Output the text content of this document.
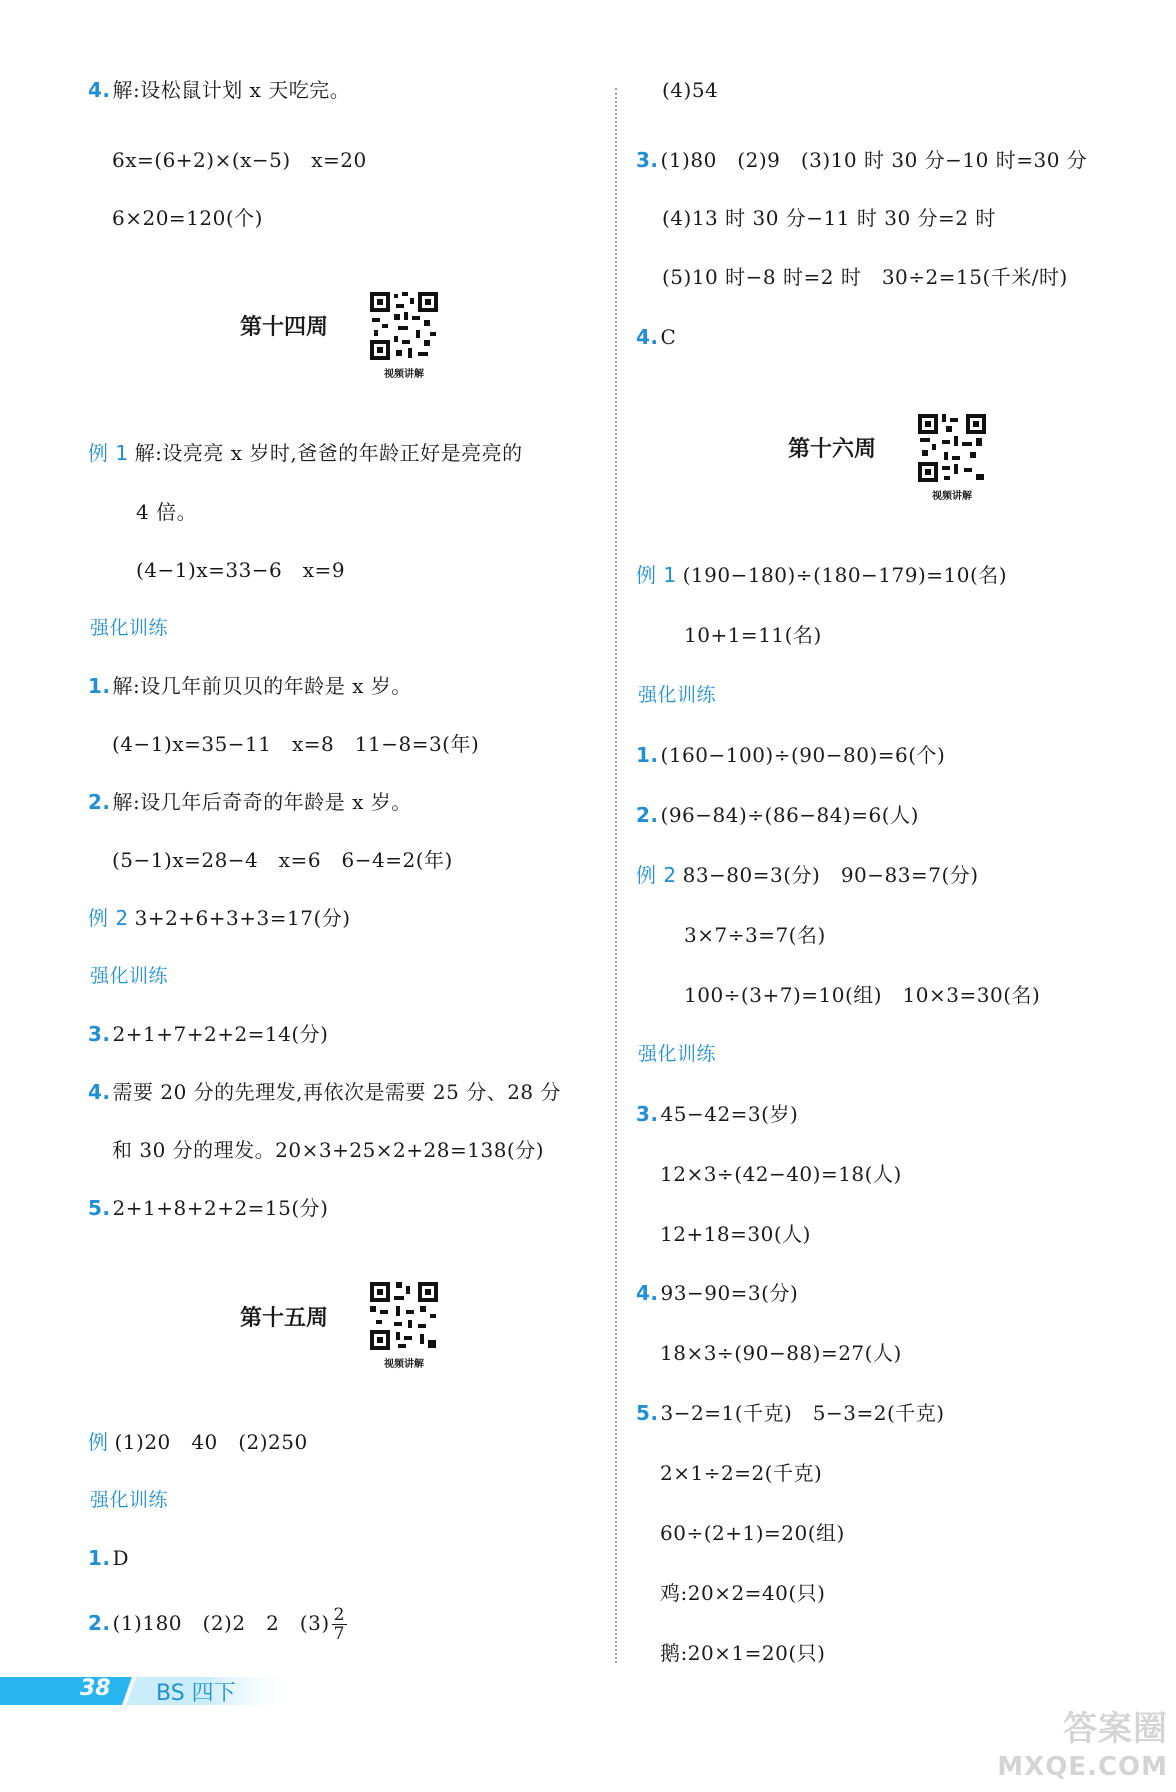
4. 解:设松鼠计划 x 天吃完。
6x=(6+2)×(x−5)　x=20
6×20=120(个)
第十四周
视频讲解
例 1 解:设亮亮 x 岁时,爸爸的年龄正好是亮亮的
4 倍。
(4−1)x=33−6　x=9
强化训练
1. 解:设几年前贝贝的年龄是 x 岁。
(4−1)x=35−11　x=8　11−8=3(年)
2. 解:设几年后奇奇的年龄是 x 岁。
(5−1)x=28−4　x=6　6−4=2(年)
例 2 3+2+6+3+3=17(分)
强化训练
3. 2+1+7+2+2=14(分)
4. 需要 20 分的先理发,再依次是需要 25 分、28 分
和 30 分的理发。20×3+25×2+28=138(分)
5. 2+1+8+2+2=15(分)
第十五周
视频讲解
例 (1)20　40　(2)250
强化训练
1. D
2. (1)180　(2)2　2　$(3) \frac{2}{7}$
(4)54
3. (1)80　(2)9　(3)10 时 30 分−10 时=30 分
(4)13 时 30 分−11 时 30 分=2 时
(5)10 时−8 时=2 时　30÷2=15(千米/时)
4. C
第十六周
视频讲解
例 1 (190−180)÷(180−179)=10(名)
10+1=11(名)
强化训练
1. (160−100)÷(90−80)=6(个)
2. (96−84)÷(86−84)=6(人)
例 2 83−80=3(分)　90−83=7(分)
3×7÷3=7(名)
100÷(3+7)=10(组)　10×3=30(名)
强化训练
3. 45−42=3(岁)
12×3÷(42−40)=18(人)
12+18=30(人)
4. 93−90=3(分)
18×3÷(90−88)=27(人)
5. 3−2=1(千克)　5−3=2(千克)
2×1÷2=2(千克)
60÷(2+1)=20(组)
鸡:20×2=40(只)
鹅:20×1=20(只)
38 BS 四下
答案圈
MXQE.COM
